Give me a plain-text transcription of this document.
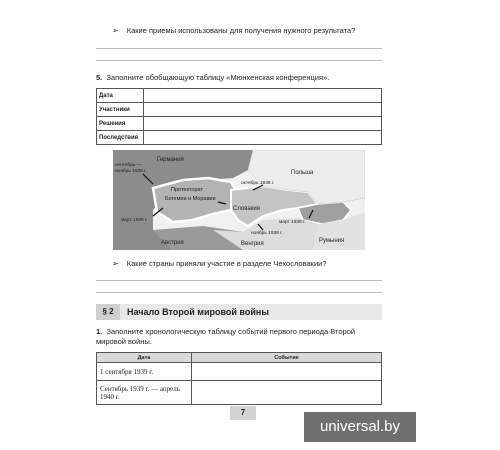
➢ Какие приемы использованы для получения нужного результата?
5. Заполните обобщающую таблицу «Мюнхенская конференция».
Дата	
Участники	
Решения	
Последствия	
Германия
Польша
сентябрь —
ноябрь 1938 г.
октябрь 1938 г.
Протекторат
Богемии и Моравии
Словакия
март 1939 г.	март 1939 г.
ноябрь 1938 г.
Венгрия
Австрия	Румыния
➢ Какие страны приняли участие в разделе Чехословакии?
§ 2	Начало Второй мировой войны
1. Заполните хронологическую таблицу событий первого периода Второй мировой войны.
Дата	Событие
1 сентября 1939 г.	
Сентябрь 1939 г. — апрель 1940 г.	
7
universal.by
